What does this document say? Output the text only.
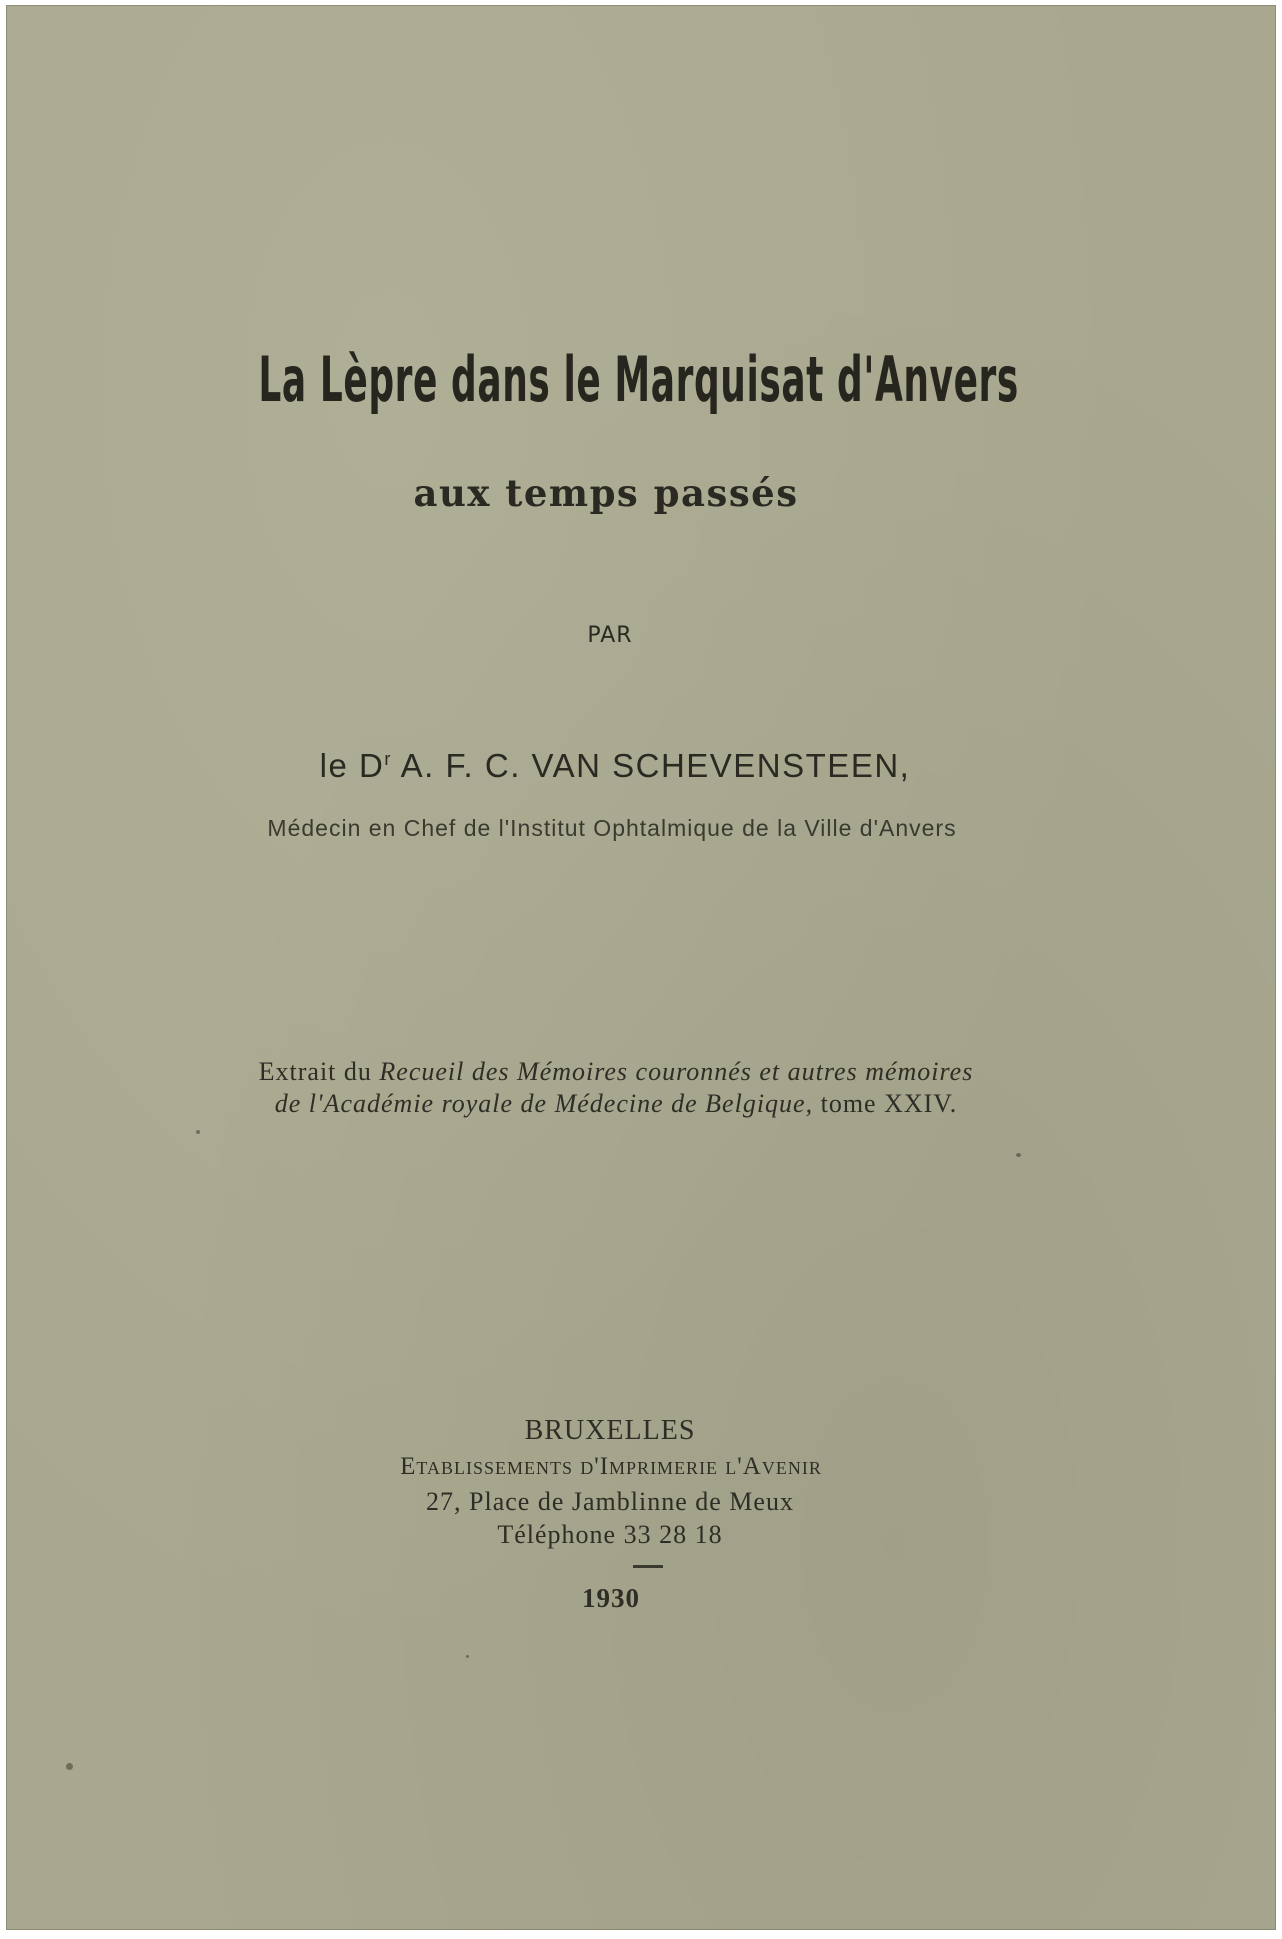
La Lèpre dans le Marquisat d'Anvers
aux temps passés
PAR
le $D^r$ A. F. C. VAN SCHEVENSTEEN,
Médecin en Chef de l'Institut Ophtalmique de la Ville d'Anvers
Extrait du Recueil des Mémoires couronnés et autres mémoires
de l'Académie royale de Médecine de Belgique, tome XXIV.
BRUXELLES
Etablissements d'Imprimerie l'Avenir
27, Place de Jamblinne de Meux
Téléphone 33 28 18
1930
